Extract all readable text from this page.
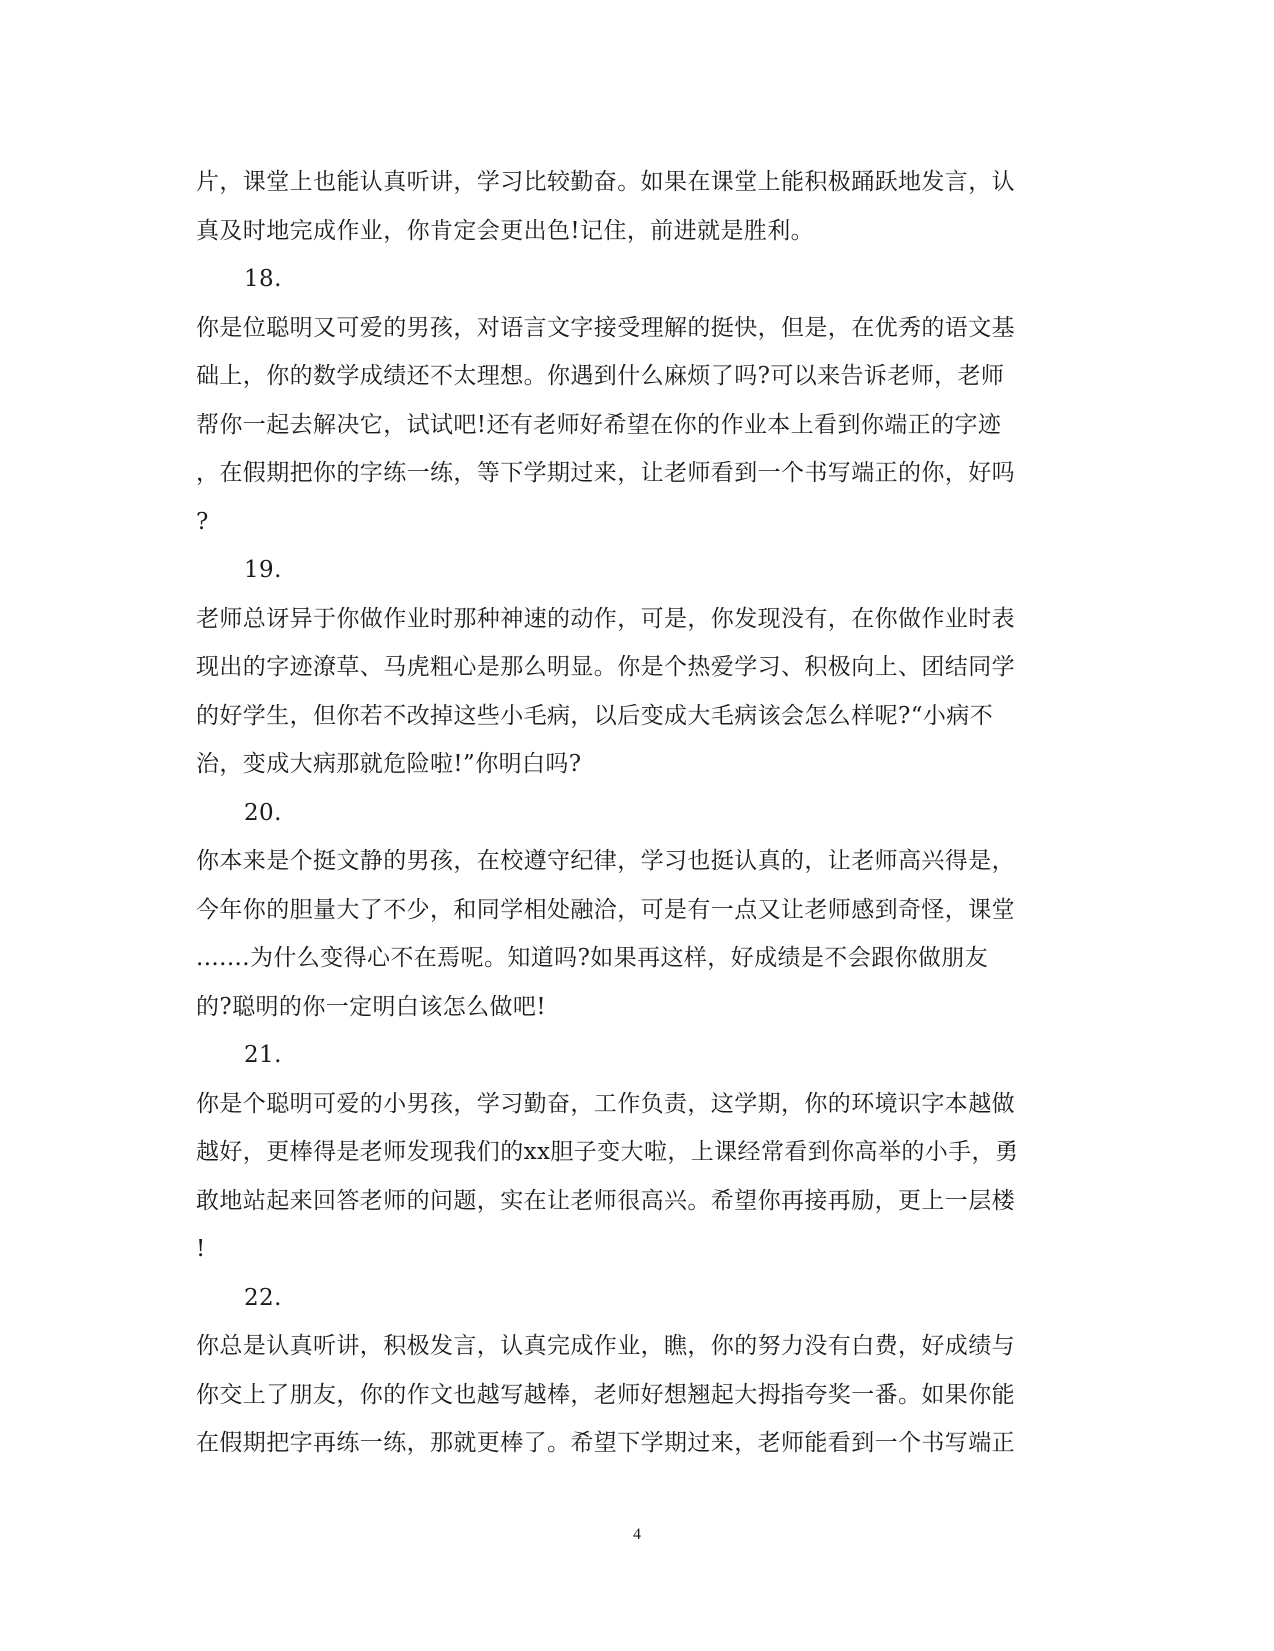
片，课堂上也能认真听讲，学习比较勤奋。如果在课堂上能积极踊跃地发言，认
真及时地完成作业，你肯定会更出色!记住，前进就是胜利。
18.
你是位聪明又可爱的男孩，对语言文字接受理解的挺快，但是，在优秀的语文基
础上，你的数学成绩还不太理想。你遇到什么麻烦了吗?可以来告诉老师，老师
帮你一起去解决它，试试吧!还有老师好希望在你的作业本上看到你端正的字迹
，在假期把你的字练一练，等下学期过来，让老师看到一个书写端正的你，好吗
?
19.
老师总讶异于你做作业时那种神速的动作，可是，你发现没有，在你做作业时表
现出的字迹潦草、马虎粗心是那么明显。你是个热爱学习、积极向上、团结同学
的好学生，但你若不改掉这些小毛病，以后变成大毛病该会怎么样呢?“小病不
治，变成大病那就危险啦!”你明白吗?
20.
你本来是个挺文静的男孩，在校遵守纪律，学习也挺认真的，让老师高兴得是，
今年你的胆量大了不少，和同学相处融洽，可是有一点又让老师感到奇怪，课堂
.......为什么变得心不在焉呢。知道吗?如果再这样，好成绩是不会跟你做朋友
的?聪明的你一定明白该怎么做吧!
21.
你是个聪明可爱的小男孩，学习勤奋，工作负责，这学期，你的环境识字本越做
越好，更棒得是老师发现我们的xx胆子变大啦，上课经常看到你高举的小手，勇
敢地站起来回答老师的问题，实在让老师很高兴。希望你再接再励，更上一层楼
!
22.
你总是认真听讲，积极发言，认真完成作业，瞧，你的努力没有白费，好成绩与
你交上了朋友，你的作文也越写越棒，老师好想翘起大拇指夸奖一番。如果你能
在假期把字再练一练，那就更棒了。希望下学期过来，老师能看到一个书写端正
4
